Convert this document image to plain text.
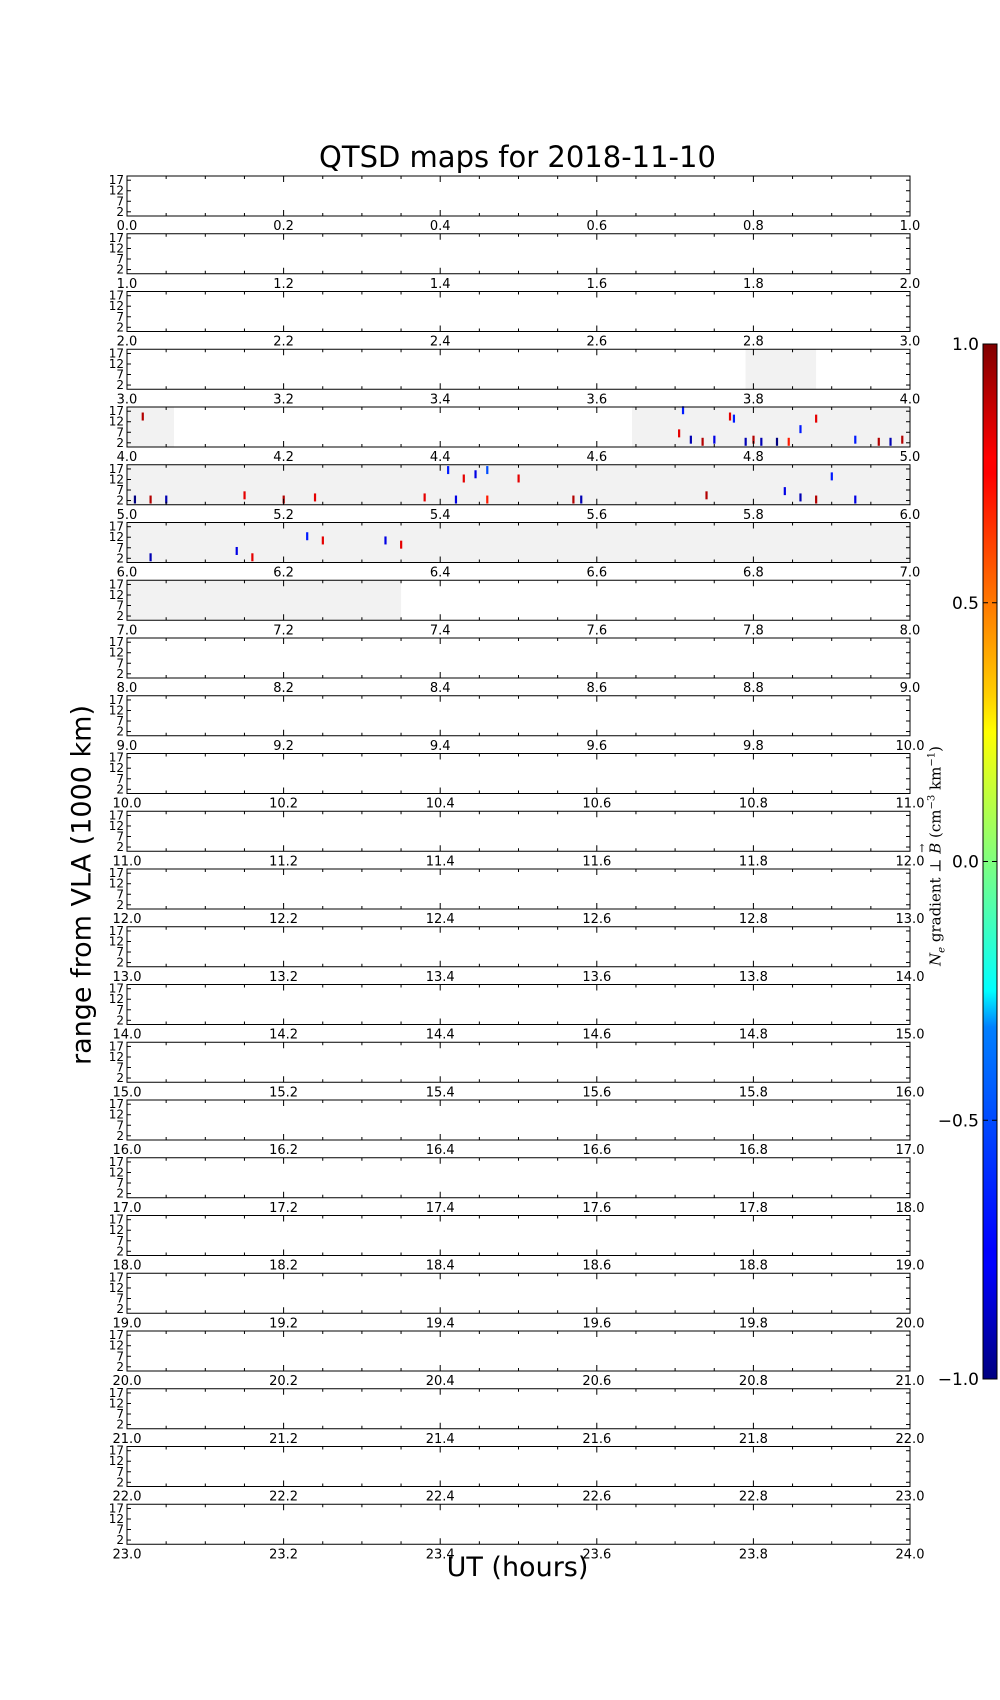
17
12
7
2
0.0	0.2	0.4	0.6	0.8	1.0
17
12
7
2
1.0	1.2	1.4	1.6	1.8	2.0
17
12
7
2
2.0	2.2	2.4	2.6	2.8	3.0
17
12
7
2
3.0	3.2	3.4	3.6	3.8	4.0
17
12
7
2
4.0	4.2	4.4	4.6	4.8	5.0
17
12
7
2
5.0	5.2	5.4	5.6	5.8	6.0
17
12
7
2
6.0	6.2	6.4	6.6	6.8	7.0
17
12
7
2
7.0	7.2	7.4	7.6	7.8	8.0
17
12
7
2
8.0	8.2	8.4	8.6	8.8	9.0
17
12
7
2
9.0	9.2	9.4	9.6	9.8	10.0
17
12
7
2
10.0	10.2	10.4	10.6	10.8	11.0
17
12
7
2
11.0	11.2	11.4	11.6	11.8	12.0
17
12
7
2
12.0	12.2	12.4	12.6	12.8	13.0
17
12
7
2
13.0	13.2	13.4	13.6	13.8	14.0
17
12
7
2
14.0	14.2	14.4	14.6	14.8	15.0
17
12
7
2
15.0	15.2	15.4	15.6	15.8	16.0
17
12
7
2
16.0	16.2	16.4	16.6	16.8	17.0
17
12
7
2
17.0	17.2	17.4	17.6	17.8	18.0
17
12
7
2
18.0	18.2	18.4	18.6	18.8	19.0
17
12
7
2
19.0	19.2	19.4	19.6	19.8	20.0
17
12
7
2
20.0	20.2	20.4	20.6	20.8	21.0
17
12
7
2
21.0	21.2	21.4	21.6	21.8	22.0
17
12
7
2
22.0	22.2	22.4	22.6	22.8	23.0
17
12
7
2
23.0	23.2	23.4	23.6	23.8	24.0
1.0
0.5
0.0
−0.5
−1.0
QTSD maps for 2018-11-10
UT (hours)
range from VLA (1000 km)	$N_e$ gradient ⊥ B
→
($cm^{-3}$ $km^{-1}$)
